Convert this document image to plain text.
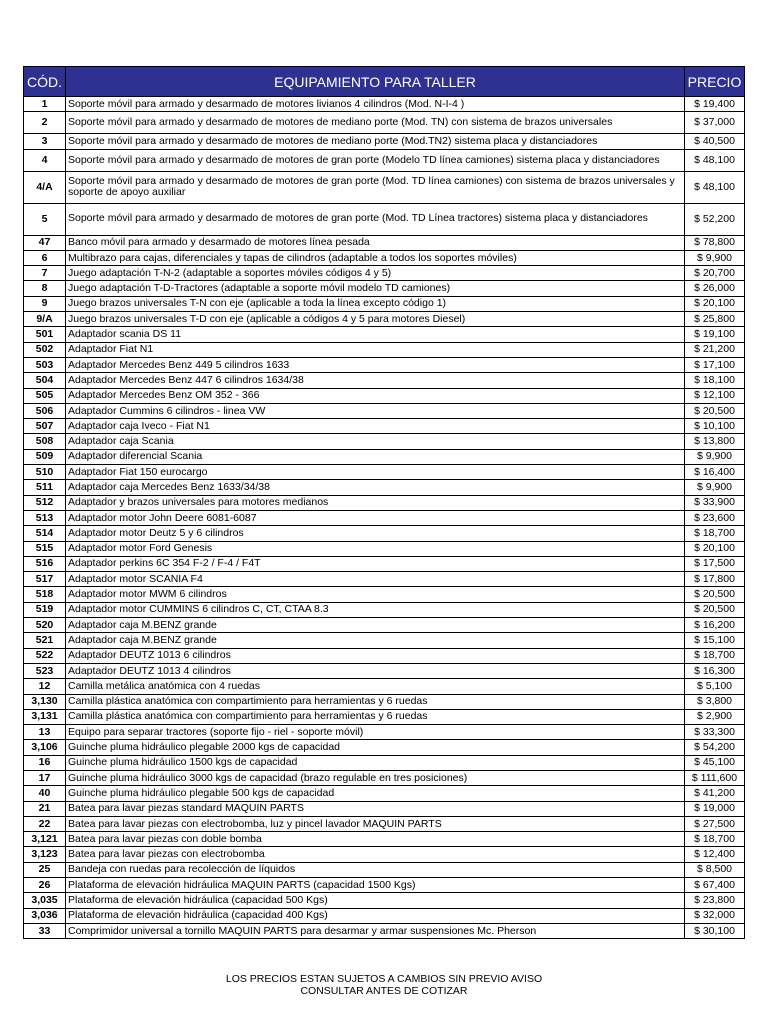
CÓD.	EQUIPAMIENTO PARA TALLER	PRECIO
1	Soporte móvil para armado y desarmado de motores livianos 4 cilindros (Mod. N-I-4 )	$ 19,400
2	Soporte móvil para armado y desarmado de motores de mediano porte (Mod. TN) con sistema de brazos universales	$ 37,000
3	Soporte móvil para armado y desarmado de motores de mediano porte (Mod.TN2) sistema placa y distanciadores	$ 40,500
4	Soporte móvil para armado y desarmado de motores de gran porte (Modelo TD línea camiones) sistema placa y distanciadores	$ 48,100
4/A	Soporte móvil para armado y desarmado de motores de gran porte (Mod. TD línea camiones) con sistema de brazos universales y soporte de apoyo auxiliar	$ 48,100
5	Soporte móvil para armado y desarmado de motores de gran porte (Mod. TD Línea tractores) sistema placa y distanciadores	$ 52,200
47	Banco móvil para armado y desarmado de motores línea pesada	$ 78,800
6	Multibrazo para cajas, diferenciales y tapas de cilindros (adaptable a todos los soportes móviles)	$ 9,900
7	Juego adaptación T-N-2 (adaptable a soportes móviles códigos 4 y 5)	$ 20,700
8	Juego adaptación T-D-Tractores (adaptable a soporte móvil modelo TD camiones)	$ 26,000
9	Juego brazos universales T-N con eje (aplicable a toda la línea excepto código 1)	$ 20,100
9/A	Juego brazos universales T-D con eje (aplicable a códigos 4 y 5 para motores Diesel)	$ 25,800
501	Adaptador scania DS 11	$ 19,100
502	Adaptador Fiat N1	$ 21,200
503	Adaptador Mercedes Benz 449 5 cilindros 1633	$ 17,100
504	Adaptador Mercedes Benz 447 6 cilindros 1634/38	$ 18,100
505	Adaptador Mercedes Benz OM 352 - 366	$ 12,100
506	Adaptador Cummins 6 cilindros - linea VW	$ 20,500
507	Adaptador caja Iveco - Fiat N1	$ 10,100
508	Adaptador caja Scania	$ 13,800
509	Adaptador diferencial Scania	$ 9,900
510	Adaptador Fiat 150 eurocargo	$ 16,400
511	Adaptador caja Mercedes Benz 1633/34/38	$ 9,900
512	Adaptador y brazos universales para motores medianos	$ 33,900
513	Adaptador motor John Deere 6081-6087	$ 23,600
514	Adaptador motor Deutz 5 y 6 cilindros	$ 18,700
515	Adaptador motor Ford Genesis	$ 20,100
516	Adaptador perkins 6C 354 F-2 / F-4 / F4T	$ 17,500
517	Adaptador motor SCANIA F4	$ 17,800
518	Adaptador motor MWM 6 cilindros	$ 20,500
519	Adaptador motor CUMMINS 6 cilindros C, CT, CTAA 8.3	$ 20,500
520	Adaptador caja M.BENZ grande	$ 16,200
521	Adaptador caja M.BENZ grande	$ 15,100
522	Adaptador DEUTZ 1013 6 cilindros	$ 18,700
523	Adaptador DEUTZ 1013 4 cilindros	$ 16,300
12	Camilla metálica anatómica con 4 ruedas	$ 5,100
3,130	Camilla plástica anatómica con compartimiento para herramientas y 6 ruedas	$ 3,800
3,131	Camilla plástica anatómica con compartimiento para herramientas y 6 ruedas	$ 2,900
13	Equipo para separar tractores (soporte fijo - riel - soporte móvil)	$ 33,300
3,106	Guinche pluma hidráulico plegable 2000 kgs de capacidad	$ 54,200
16	Guinche pluma hidráulico 1500 kgs de capacidad	$ 45,100
17	Guinche pluma hidráulico 3000 kgs de capacidad (brazo regulable en tres posiciones)	$ 111,600
40	Guinche pluma hidráulico plegable 500 kgs de capacidad	$ 41,200
21	Batea para lavar piezas standard MAQUIN PARTS	$ 19,000
22	Batea para lavar piezas con electrobomba, luz y pincel lavador MAQUIN PARTS	$ 27,500
3,121	Batea para lavar piezas con doble bomba	$ 18,700
3,123	Batea para lavar piezas con electrobomba	$ 12,400
25	Bandeja con ruedas para recolección de líquidos	$ 8,500
26	Plataforma de elevación hidráulica MAQUIN PARTS (capacidad 1500 Kgs)	$ 67,400
3,035	Plataforma de elevación hidráulica (capacidad 500 Kgs)	$ 23,800
3,036	Plataforma de elevación hidráulica (capacidad 400 Kgs)	$ 32,000
33	Comprimidor universal a tornillo MAQUIN PARTS para desarmar y armar suspensiones Mc. Pherson	$ 30,100
LOS PRECIOS ESTAN SUJETOS A CAMBIOS SIN PREVIO AVISO
CONSULTAR ANTES DE COTIZAR
